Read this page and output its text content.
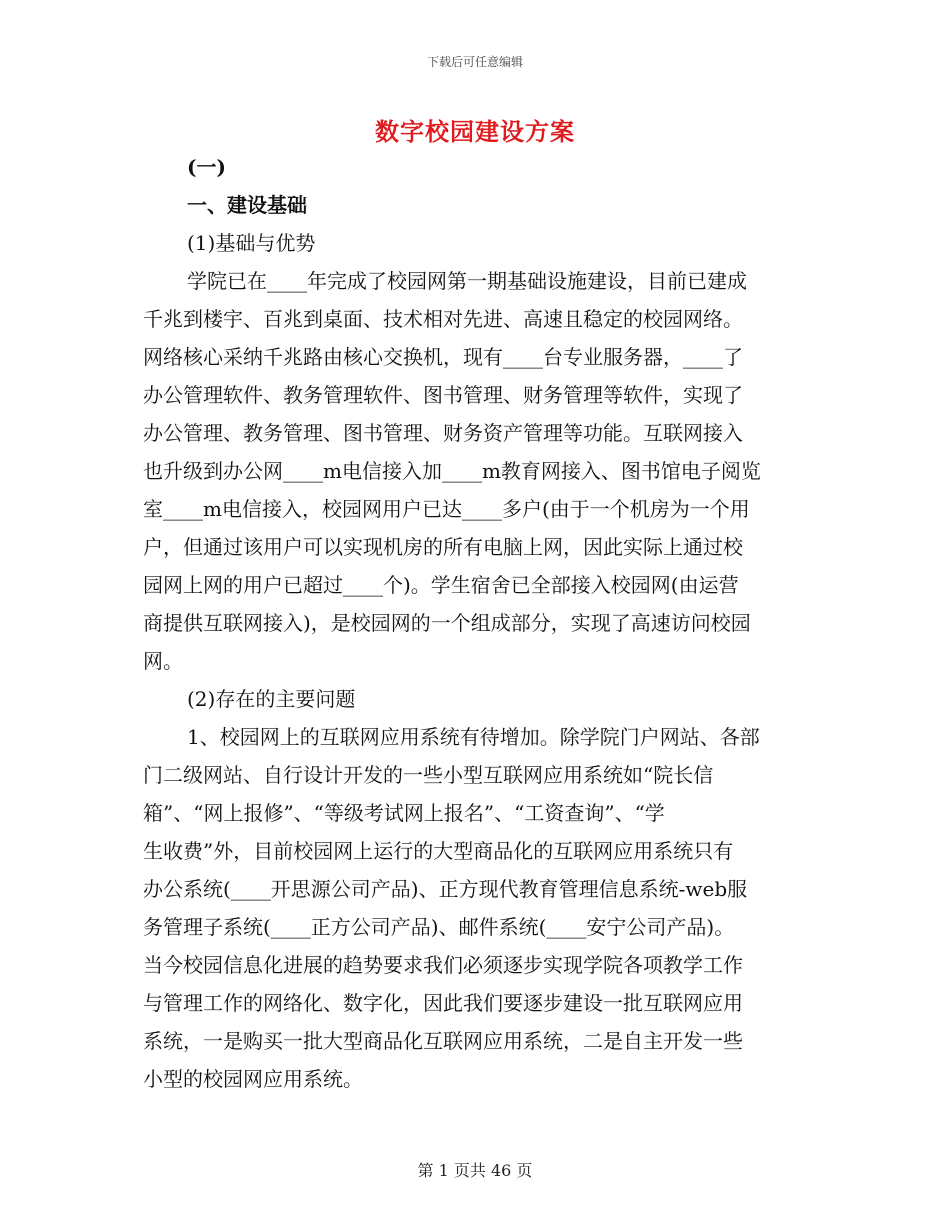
下载后可任意编辑
数字校园建设方案
(一)
一、建设基础
(1)基础与优势
学院已在____年完成了校园网第一期基础设施建设，目前已建成
千兆到楼宇、百兆到桌面、技术相对先进、高速且稳定的校园网络。
网络核心采纳千兆路由核心交换机，现有____台专业服务器，____了
办公管理软件、教务管理软件、图书管理、财务管理等软件，实现了
办公管理、教务管理、图书管理、财务资产管理等功能。互联网接入
也升级到办公网____m电信接入加____m教育网接入、图书馆电子阅览
室____m电信接入，校园网用户已达____多户(由于一个机房为一个用
户，但通过该用户可以实现机房的所有电脑上网，因此实际上通过校
园网上网的用户已超过____个)。学生宿舍已全部接入校园网(由运营
商提供互联网接入)，是校园网的一个组成部分，实现了高速访问校园
网。
(2)存在的主要问题
1、校园网上的互联网应用系统有待增加。除学院门户网站、各部
门二级网站、自行设计开发的一些小型互联网应用系统如“院长信
箱”、“网上报修”、“等级考试网上报名”、“工资查询”、“学
生收费”外，目前校园网上运行的大型商品化的互联网应用系统只有
办公系统(____开思源公司产品)、正方现代教育管理信息系统-web服
务管理子系统(____正方公司产品)、邮件系统(____安宁公司产品)。
当今校园信息化进展的趋势要求我们必须逐步实现学院各项教学工作
与管理工作的网络化、数字化，因此我们要逐步建设一批互联网应用
系统，一是购买一批大型商品化互联网应用系统，二是自主开发一些
小型的校园网应用系统。
第 1 页共 46 页
